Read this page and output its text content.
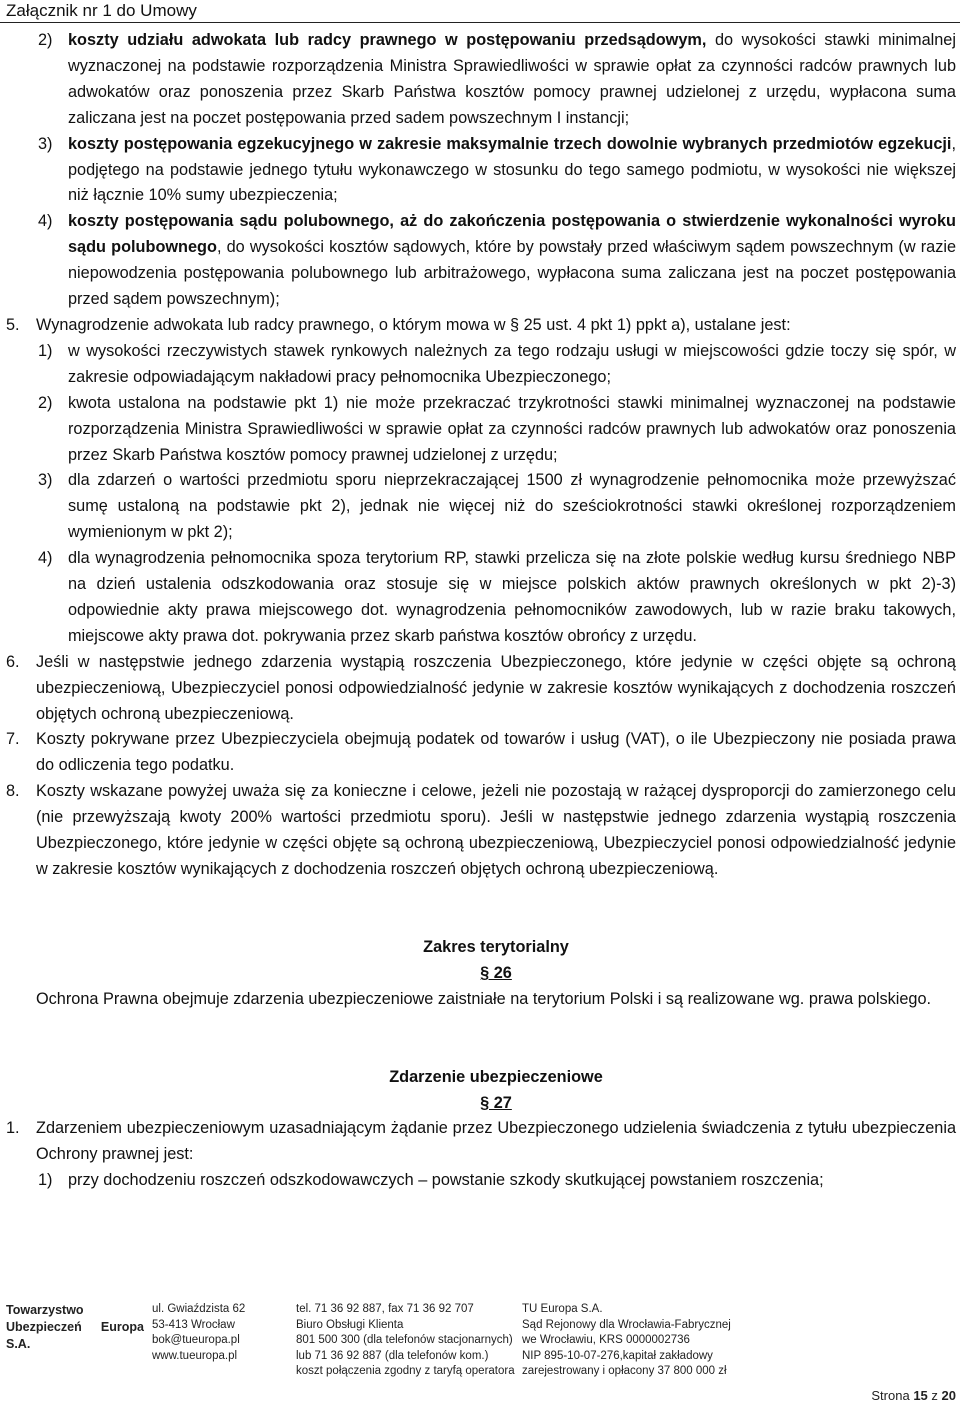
Załącznik nr 1 do Umowy

2) koszty udziału adwokata lub radcy prawnego w postępowaniu przedsądowym, do wysokości stawki minimalnej wyznaczonej na podstawie rozporządzenia Ministra Sprawiedliwości w sprawie opłat za czynności radców prawnych lub adwokatów oraz ponoszenia przez Skarb Państwa kosztów pomocy prawnej udzielonej z urzędu, wypłacona suma zaliczana jest na poczet postępowania przed sadem powszechnym I instancji;

3) koszty postępowania egzekucyjnego w zakresie maksymalnie trzech dowolnie wybranych przedmiotów egzekucji, podjętego na podstawie jednego tytułu wykonawczego w stosunku do tego samego podmiotu, w wysokości nie większej niż łącznie 10% sumy ubezpieczenia;

4) koszty postępowania sądu polubownego, aż do zakończenia postępowania o stwierdzenie wykonalności wyroku sądu polubownego, do wysokości kosztów sądowych, które by powstały przed właściwym sądem powszechnym (w razie niepowodzenia postępowania polubownego lub arbitrażowego, wypłacona suma zaliczana jest na poczet postępowania przed sądem powszechnym);

5. Wynagrodzenie adwokata lub radcy prawnego, o którym mowa w § 25 ust. 4 pkt 1) ppkt a), ustalane jest:

1) w wysokości rzeczywistych stawek rynkowych należnych za tego rodzaju usługi w miejscowości gdzie toczy się spór, w zakresie odpowiadającym nakładowi pracy pełnomocnika Ubezpieczonego;

2) kwota ustalona na podstawie pkt 1) nie może przekraczać trzykrotności stawki minimalnej wyznaczonej na podstawie rozporządzenia Ministra Sprawiedliwości w sprawie opłat za czynności radców prawnych lub adwokatów oraz ponoszenia przez Skarb Państwa kosztów pomocy prawnej udzielonej z urzędu;

3) dla zdarzeń o wartości przedmiotu sporu nieprzekraczającej 1500 zł wynagrodzenie pełnomocnika może przewyższać sumę ustaloną na podstawie pkt 2), jednak nie więcej niż do sześciokrotności stawki określonej rozporządzeniem wymienionym w pkt 2);

4) dla wynagrodzenia pełnomocnika spoza terytorium RP, stawki przelicza się na złote polskie według kursu średniego NBP na dzień ustalenia odszkodowania oraz stosuje się w miejsce polskich aktów prawnych określonych w pkt 2)-3) odpowiednie akty prawa miejscowego dot. wynagrodzenia pełnomocników zawodowych, lub w razie braku takowych, miejscowe akty prawa dot. pokrywania przez skarb państwa kosztów obrońcy z urzędu.

6. Jeśli w następstwie jednego zdarzenia wystąpią roszczenia Ubezpieczonego, które jedynie w części objęte są ochroną ubezpieczeniową, Ubezpieczyciel ponosi odpowiedzialność jedynie w zakresie kosztów wynikających z dochodzenia roszczeń objętych ochroną ubezpieczeniową.

7. Koszty pokrywane przez Ubezpieczyciela obejmują podatek od towarów i usług (VAT), o ile Ubezpieczony nie posiada prawa do odliczenia tego podatku.

8. Koszty wskazane powyżej uważa się za konieczne i celowe, jeżeli nie pozostają w rażącej dysproporcji do zamierzonego celu (nie przewyższają kwoty 200% wartości przedmiotu sporu). Jeśli w następstwie jednego zdarzenia wystąpią roszczenia Ubezpieczonego, które jedynie w części objęte są ochroną ubezpieczeniową, Ubezpieczyciel ponosi odpowiedzialność jedynie w zakresie kosztów wynikających z dochodzenia roszczeń objętych ochroną ubezpieczeniową.

Zakres terytorialny

§ 26

Ochrona Prawna obejmuje zdarzenia ubezpieczeniowe zaistniałe na terytorium Polski i są realizowane wg. prawa polskiego.

Zdarzenie ubezpieczeniowe

§ 27

1. Zdarzeniem ubezpieczeniowym uzasadniającym żądanie przez Ubezpieczonego udzielenia świadczenia z tytułu ubezpieczenia Ochrony prawnej jest:

1) przy dochodzeniu roszczeń odszkodowawczych – powstanie szkody skutkującej powstaniem roszczenia;

Towarzystwo Ubezpieczeń Europa S.A.
ul. Gwiaździsta 62
53-413 Wrocław
bok@tueuropa.pl
www.tueuropa.pl
tel. 71 36 92 887, fax 71 36 92 707
Biuro Obsługi Klienta
801 500 300 (dla telefonów stacjonarnych)
lub 71 36 92 887 (dla telefonów kom.)
koszt połączenia zgodny z taryfą operatora
TU Europa S.A.
Sąd Rejonowy dla Wrocławia-Fabrycznej
we Wrocławiu, KRS 0000002736
NIP 895-10-07-276,kapitał zakładowy
zarejestrowany i opłacony 37 800 000 zł
Strona 15 z 20
